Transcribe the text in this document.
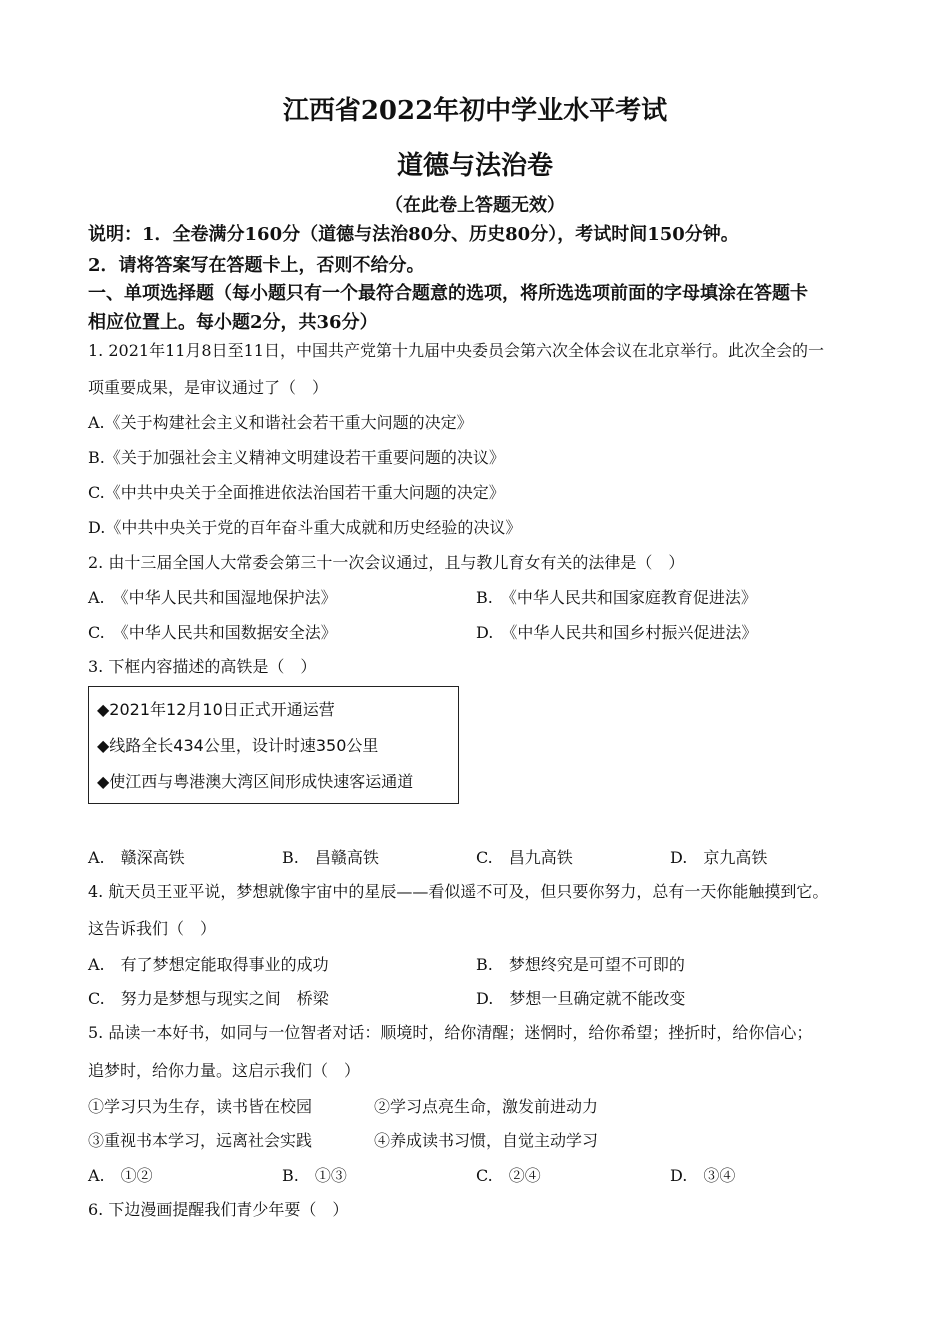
江西省2022年初中学业水平考试
道德与法治卷
（在此卷上答题无效）
说明：1．全卷满分160分（道德与法治80分、历史80分），考试时间150分钟。
2．请将答案写在答题卡上，否则不给分。
一、单项选择题（每小题只有一个最符合题意的选项，将所选选项前面的字母填涂在答题卡
相应位置上。每小题2分，共36分）
1. 2021年11月8日至11日，中国共产党第十九届中央委员会第六次全体会议在北京举行。此次全会的一
项重要成果，是审议通过了（　）
A.《关于构建社会主义和谐社会若干重大问题的决定》
B.《关于加强社会主义精神文明建设若干重要问题的决议》
C.《中共中央关于全面推进依法治国若干重大问题的决定》
D.《中共中央关于党的百年奋斗重大成就和历史经验的决议》
2. 由十三届全国人大常委会第三十一次会议通过，且与教儿育女有关的法律是（　）
A.　《中华人民共和国湿地保护法》	B.　《中华人民共和国家庭教育促进法》
C.　《中华人民共和国数据安全法》	D.　《中华人民共和国乡村振兴促进法》
3. 下框内容描述的高铁是（　）
◆2021年12月10日正式开通运营
◆线路全长434公里，设计时速350公里
◆使江西与粤港澳大湾区间形成快速客运通道
A.　赣深高铁	B.　昌赣高铁	C.　昌九高铁	D.　京九高铁
4. 航天员王亚平说，梦想就像宇宙中的星辰——看似遥不可及，但只要你努力，总有一天你能触摸到它。
这告诉我们（　）
A.　有了梦想定能取得事业的成功	B.　梦想终究是可望不可即的
C.　努力是梦想与现实之间　桥梁	D.　梦想一旦确定就不能改变
5. 品读一本好书，如同与一位智者对话：顺境时，给你清醒；迷惘时，给你希望；挫折时，给你信心；
追梦时，给你力量。这启示我们（　）
①学习只为生存，读书皆在校园	②学习点亮生命，激发前进动力
③重视书本学习，远离社会实践	④养成读书习惯，自觉主动学习
A.　①②	B.　①③	C.　②④	D.　③④
6. 下边漫画提醒我们青少年要（　）
